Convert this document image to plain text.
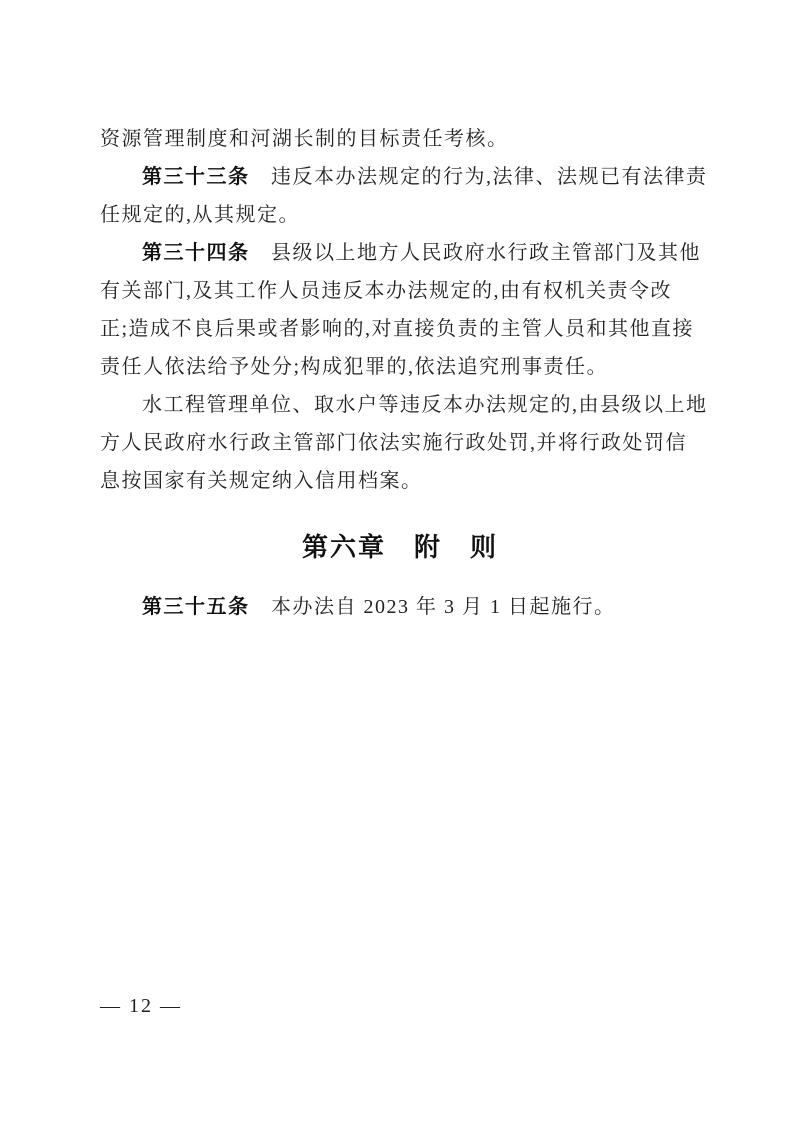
资源管理制度和河湖长制的目标责任考核。
第三十三条　违反本办法规定的行为,法律、法规已有法律责
任规定的,从其规定。
第三十四条　县级以上地方人民政府水行政主管部门及其他
有关部门,及其工作人员违反本办法规定的,由有权机关责令改
正;造成不良后果或者影响的,对直接负责的主管人员和其他直接
责任人依法给予处分;构成犯罪的,依法追究刑事责任。
水工程管理单位、取水户等违反本办法规定的,由县级以上地
方人民政府水行政主管部门依法实施行政处罚,并将行政处罚信
息按国家有关规定纳入信用档案。
第六章　附　则
第三十五条　本办法自 2023 年 3 月 1 日起施行。
— 12 —
